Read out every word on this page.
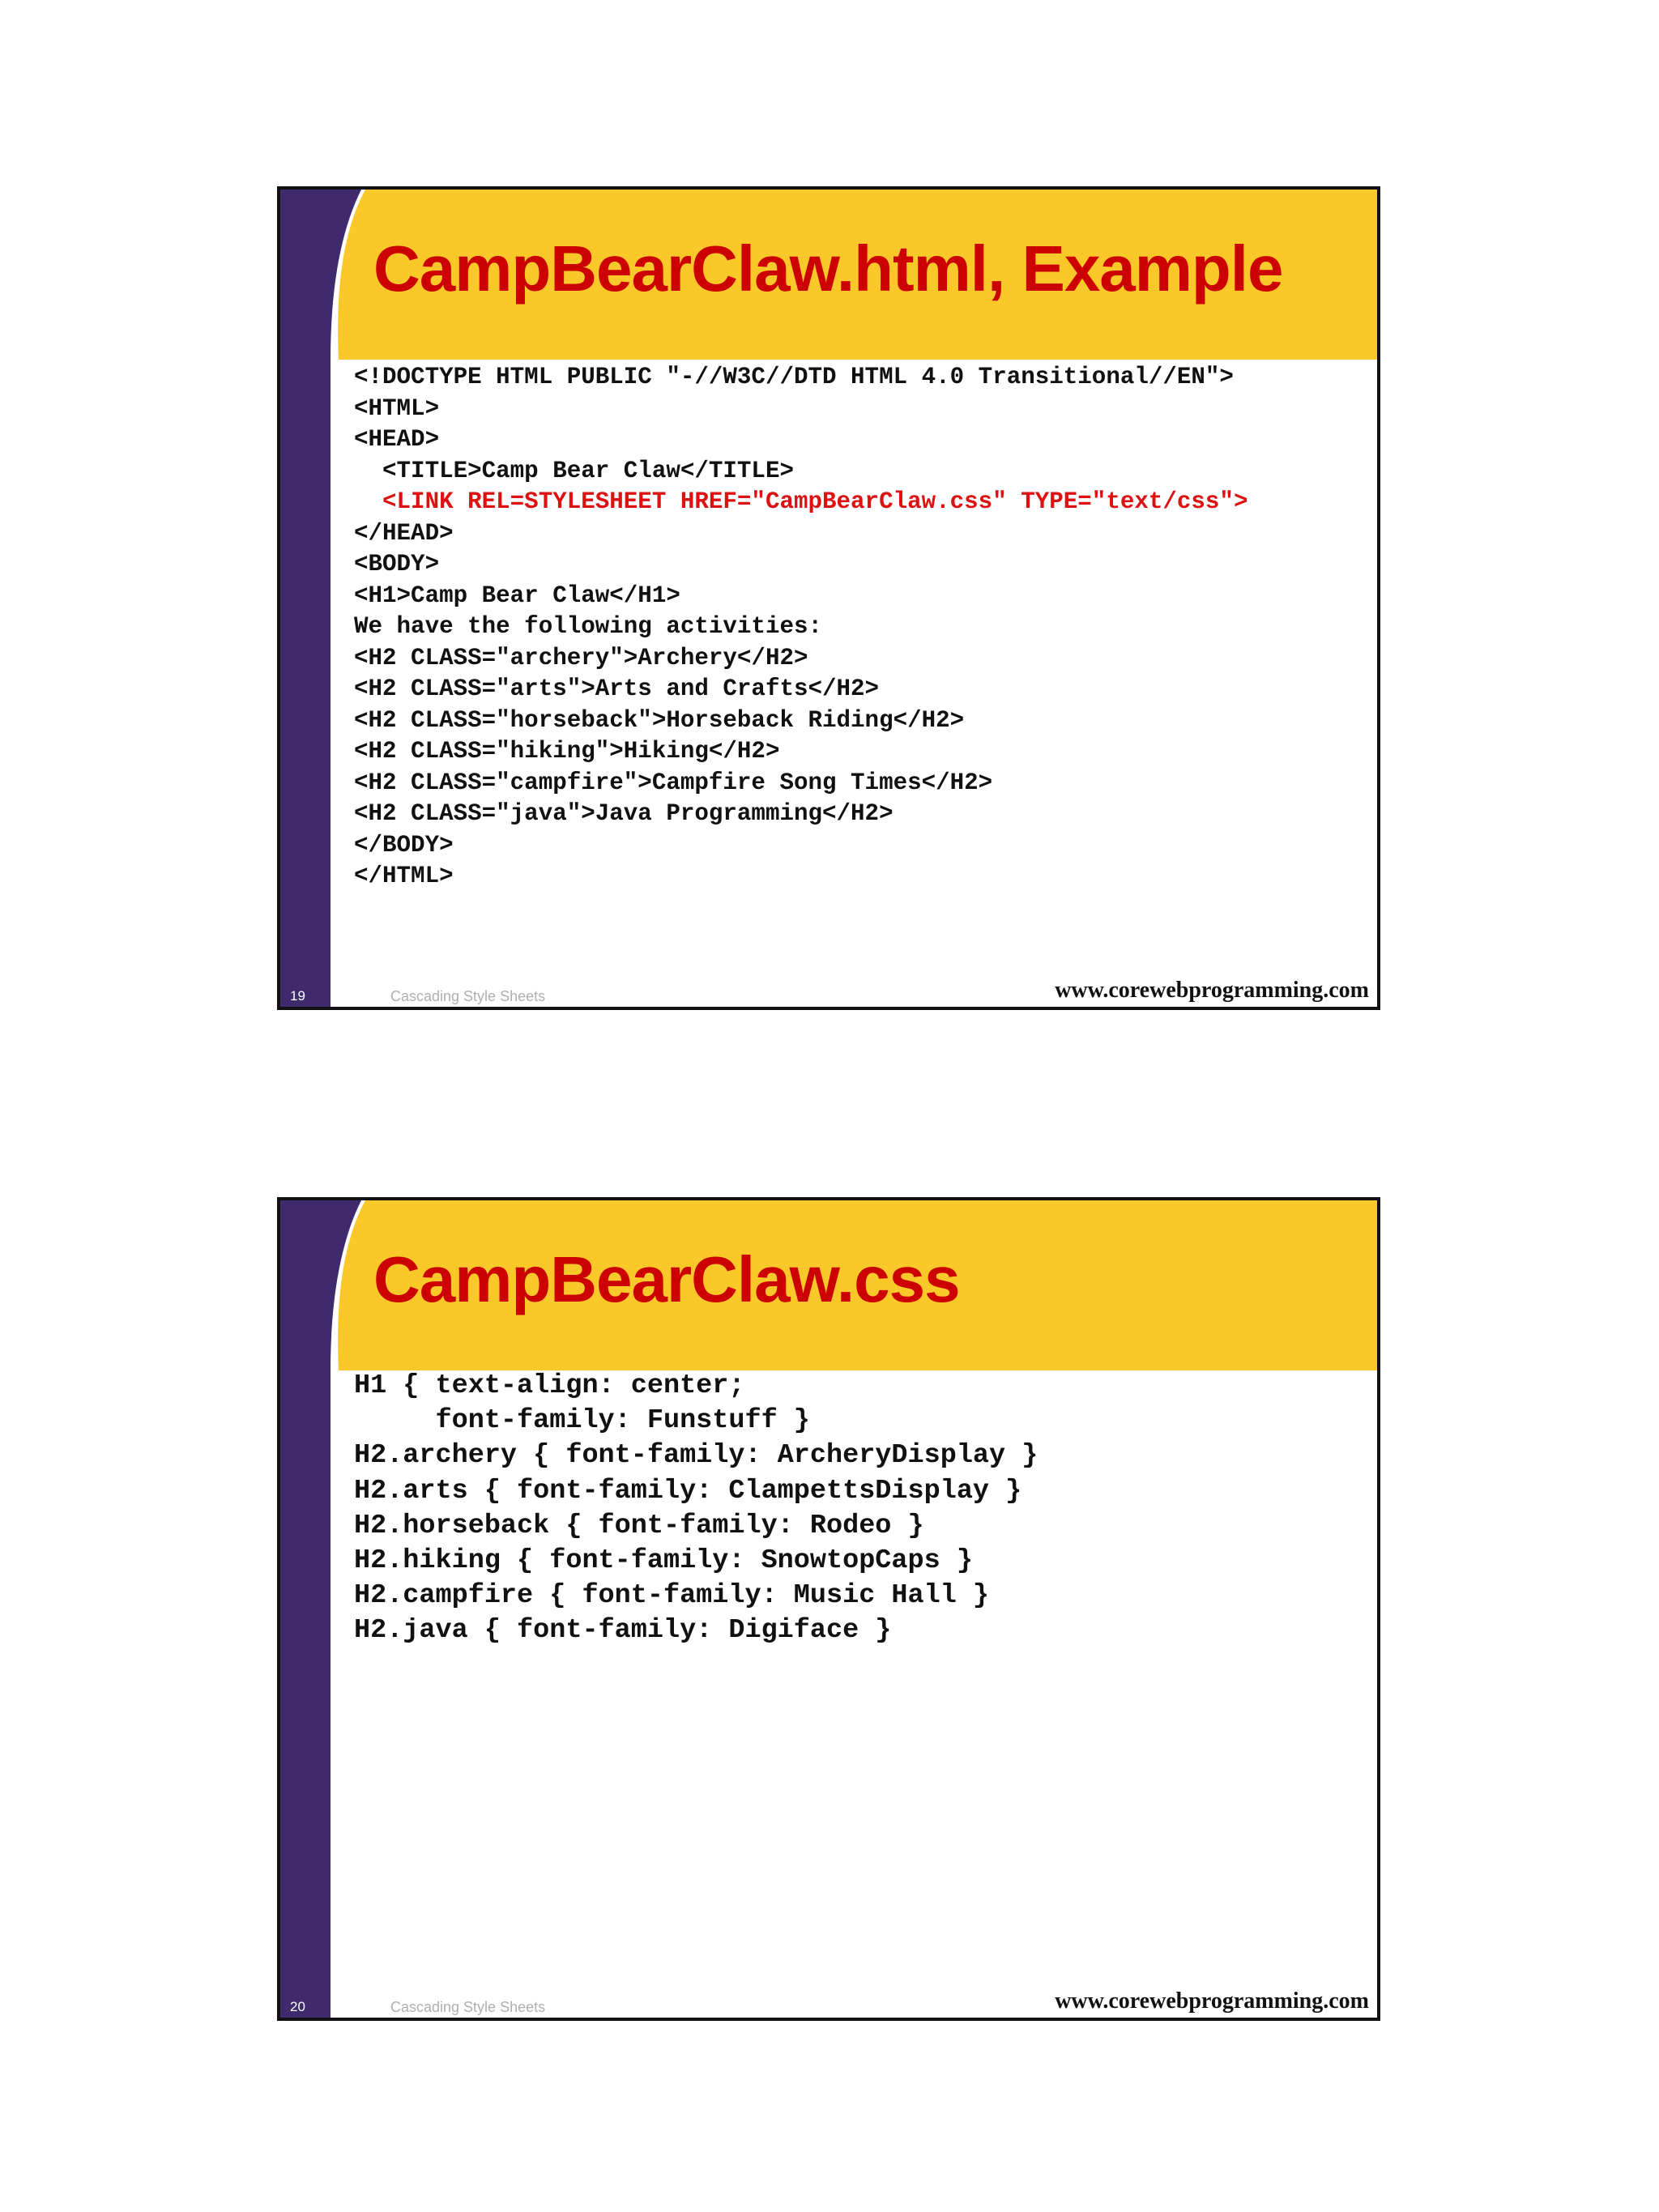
CampBearClaw.html, Example
<!DOCTYPE HTML PUBLIC "-//W3C//DTD HTML 4.0 Transitional//EN">
<HTML>
<HEAD>
<TITLE>Camp Bear Claw</TITLE>
<LINK REL=STYLESHEET HREF="CampBearClaw.css" TYPE="text/css">
</HEAD>
<BODY>
<H1>Camp Bear Claw</H1>
We have the following activities:
<H2 CLASS="archery">Archery</H2>
<H2 CLASS="arts">Arts and Crafts</H2>
<H2 CLASS="horseback">Horseback Riding</H2>
<H2 CLASS="hiking">Hiking</H2>
<H2 CLASS="campfire">Campfire Song Times</H2>
<H2 CLASS="java">Java Programming</H2>
</BODY>
</HTML>
19	Cascading Style Sheets	www.corewebprogramming.com
CampBearClaw.css
H1 { text-align: center;
font-family: Funstuff }
H2.archery { font-family: ArcheryDisplay }
H2.arts { font-family: ClampettsDisplay }
H2.horseback { font-family: Rodeo }
H2.hiking { font-family: SnowtopCaps }
H2.campfire { font-family: Music Hall }
H2.java { font-family: Digiface }
20	Cascading Style Sheets	www.corewebprogramming.com
